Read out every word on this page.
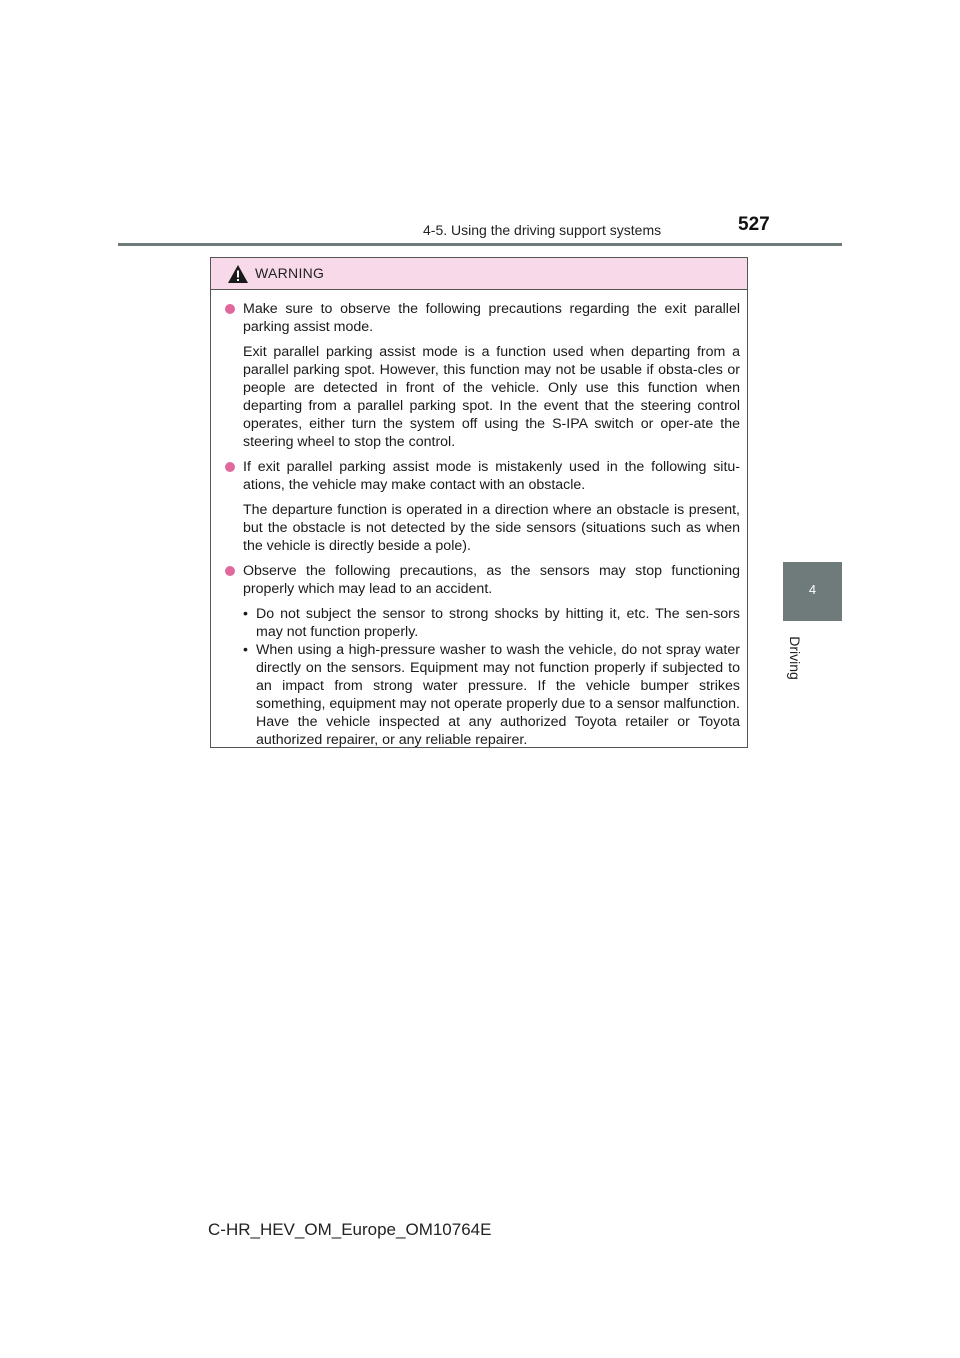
4-5. Using the driving support systems	527
4
Driving
WARNING

Make sure to observe the following precautions regarding the exit parallel parking assist mode.

Exit parallel parking assist mode is a function used when departing from a parallel parking spot. However, this function may not be usable if obsta-cles or people are detected in front of the vehicle. Only use this function when departing from a parallel parking spot. In the event that the steering control operates, either turn the system off using the S-IPA switch or oper-ate the steering wheel to stop the control.

If exit parallel parking assist mode is mistakenly used in the following situ-ations, the vehicle may make contact with an obstacle.

The departure function is operated in a direction where an obstacle is present, but the obstacle is not detected by the side sensors (situations such as when the vehicle is directly beside a pole).

Observe the following precautions, as the sensors may stop functioning properly which may lead to an accident.

• Do not subject the sensor to strong shocks by hitting it, etc. The sen-sors may not function properly.
• When using a high-pressure washer to wash the vehicle, do not spray water directly on the sensors. Equipment may not function properly if subjected to an impact from strong water pressure. If the vehicle bumper strikes something, equipment may not operate properly due to a sensor malfunction. Have the vehicle inspected at any authorized Toyota retailer or Toyota authorized repairer, or any reliable repairer.
C-HR_HEV_OM_Europe_OM10764E
